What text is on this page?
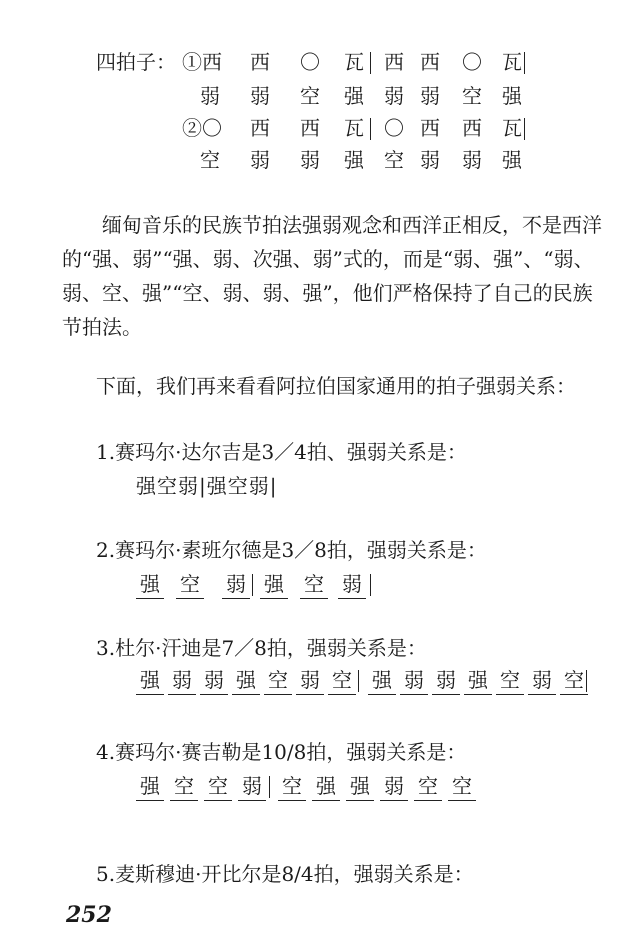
四拍子： ①西 西 〇 瓦 西 西 〇 瓦
弱 弱 空 强 弱 弱 空 强
②〇 西 西 瓦 〇 西 西 瓦
空 弱 弱 强 空 弱 弱 强
缅甸音乐的民族节拍法强弱观念和西洋正相反，不是西洋的“强、弱”“强、弱、次强、弱”式的，而是“弱、强”、“弱、弱、空、强”“空、弱、弱、强”，他们严格保持了自己的民族节拍法。
下面，我们再来看看阿拉伯国家通用的拍子强弱关系：
1.赛玛尔·达尔吉是3／4拍、强弱关系是：
强空弱|强空弱|
2.赛玛尔·素班尔德是3／8拍，强弱关系是：
强 空 弱 强 空 弱
3.杜尔·汗迪是7／8拍，强弱关系是：
强 弱 弱 强 空 弱 空 强 弱 弱 强 空 弱 空
4.赛玛尔·赛吉勒是10/8拍，强弱关系是：
强 空 空 弱 空 强 强 弱 空 空
5.麦斯穆迪·开比尔是8/4拍，强弱关系是：
252
